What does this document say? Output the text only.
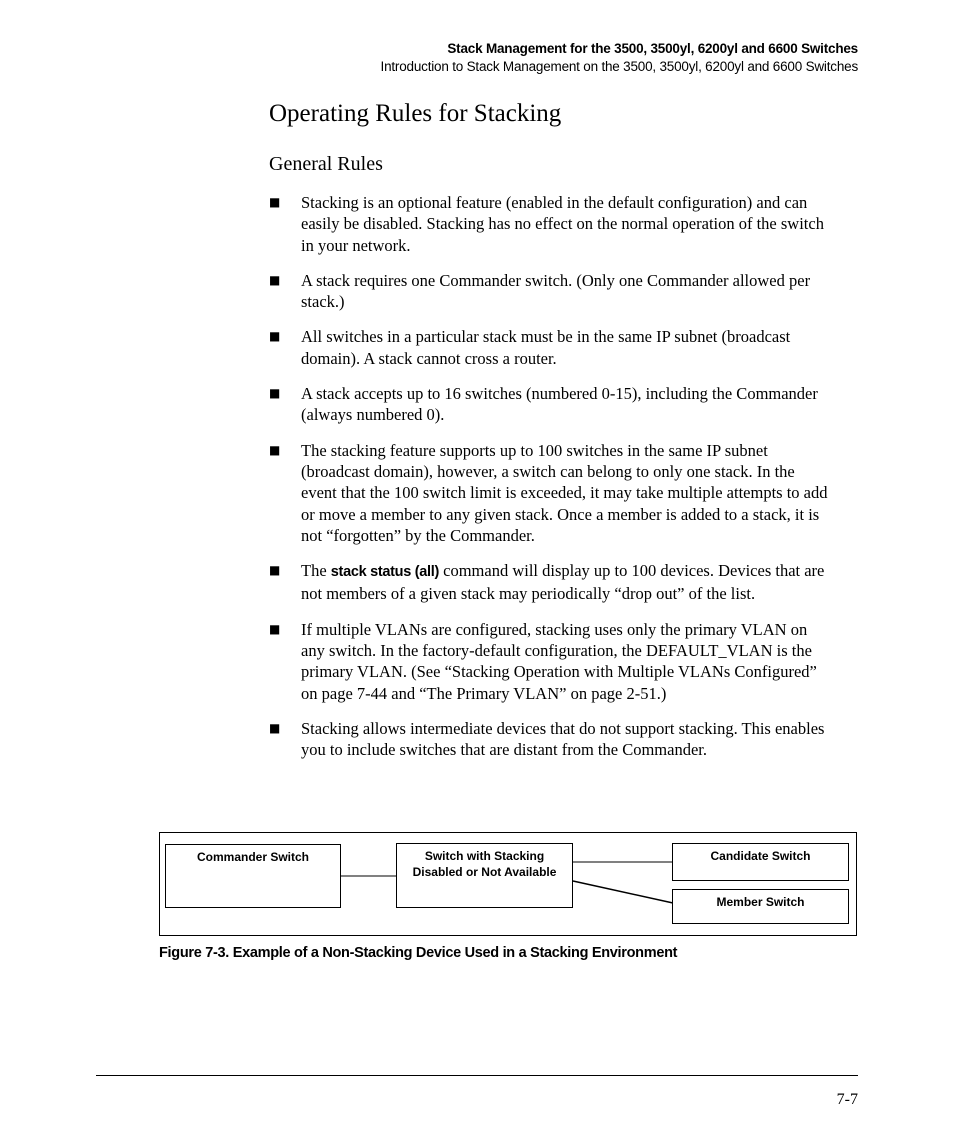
Stack Management for the 3500, 3500yl, 6200yl and 6600 Switches
Introduction to Stack Management on the 3500, 3500yl, 6200yl and 6600 Switches
Operating Rules for Stacking
General Rules
■ Stacking is an optional feature (enabled in the default configuration) and can easily be disabled. Stacking has no effect on the normal operation of the switch in your network.
■ A stack requires one Commander switch. (Only one Commander allowed per stack.)
■ All switches in a particular stack must be in the same IP subnet (broadcast domain). A stack cannot cross a router.
■ A stack accepts up to 16 switches (numbered 0-15), including the Commander (always numbered 0).
■ The stacking feature supports up to 100 switches in the same IP subnet (broadcast domain), however, a switch can belong to only one stack. In the event that the 100 switch limit is exceeded, it may take multiple attempts to add or move a member to any given stack. Once a member is added to a stack, it is not “forgotten” by the Commander.
■ The stack status (all) command will display up to 100 devices. Devices that are not members of a given stack may periodically “drop out” of the list.
■ If multiple VLANs are configured, stacking uses only the primary VLAN on any switch. In the factory-default configuration, the DEFAULT_VLAN is the primary VLAN. (See “Stacking Operation with Multiple VLANs Configured” on page 7-44 and “The Primary VLAN” on page 2-51.)
■ Stacking allows intermediate devices that do not support stacking. This enables you to include switches that are distant from the Commander.
Commander Switch	Switch with Stacking
Disabled or Not Available
Candidate Switch
Member Switch
Figure 7-3. Example of a Non-Stacking Device Used in a Stacking Environment
7-7
